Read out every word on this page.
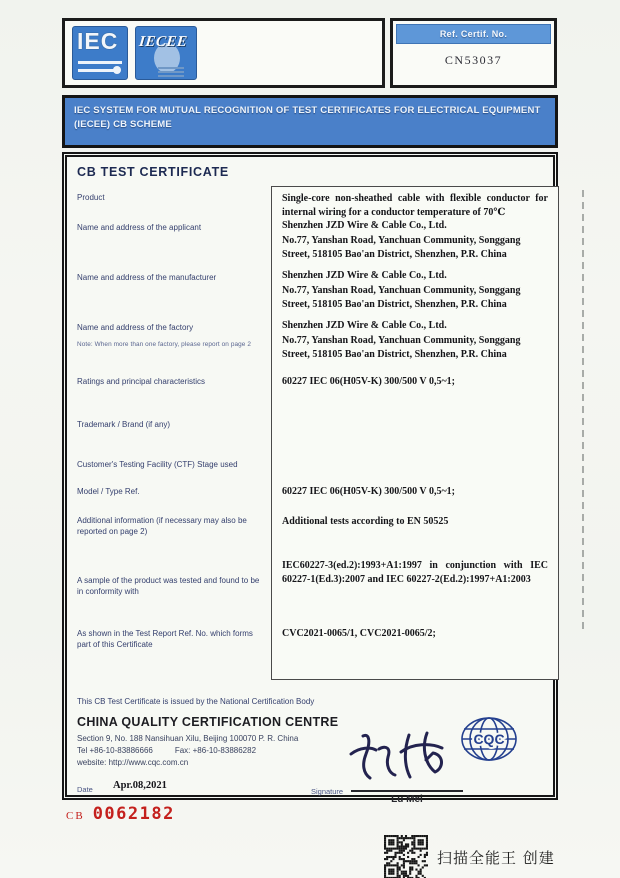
IEC IECEE	Ref. Certif. No.
CN53037
IEC SYSTEM FOR MUTUAL RECOGNITION OF TEST CERTIFICATES FOR ELECTRICAL EQUIPMENT (IECEE) CB SCHEME
CB TEST CERTIFICATE
Single-core non-sheathed cable with flexible conductor for internal wiring for a conductor temperature of 70℃
Shenzhen JZD Wire & Cable Co., Ltd.
No.77, Yanshan Road, Yanchuan Community, Songgang Street, 518105 Bao'an District, Shenzhen, P.R. China
Shenzhen JZD Wire & Cable Co., Ltd.
No.77, Yanshan Road, Yanchuan Community, Songgang Street, 518105 Bao'an District, Shenzhen, P.R. China
Shenzhen JZD Wire & Cable Co., Ltd.
No.77, Yanshan Road, Yanchuan Community, Songgang Street, 518105 Bao'an District, Shenzhen, P.R. China
60227 IEC 06(H05V-K) 300/500 V 0,5~1;
60227 IEC 06(H05V-K) 300/500 V 0,5~1;
Additional tests according to EN 50525
IEC60227-3(ed.2):1993+A1:1997 in conjunction with IEC 60227-1(Ed.3):2007 and IEC 60227-2(Ed.2):1997+A1:2003
CVC2021-0065/1, CVC2021-0065/2;
This CB Test Certificate is issued by the National Certification Body
CHINA QUALITY CERTIFICATION CENTRE
Section 9, No. 188 Nansihuan Xilu, Beijing 100070 P. R. China
Tel +86-10-83886666	Fax: +86-10-83886282
website: http://www.cqc.com.cn
Date Apr.08,2021
Lu Mei
Signature
CQC
Product
Name and address of the applicant
Name and address of the manufacturer
Name and address of the factory
Note: When more than one factory, please report on page 2
Ratings and principal characteristics
Trademark / Brand (if any)
Customer's Testing Facility (CTF) Stage used
Model / Type Ref.
Additional information (if necessary may also be reported on page 2)
A sample of the product was tested and found to be in conformity with
As shown in the Test Report Ref. No. which forms part of this Certificate
CB 0062182
扫描全能王 创建
